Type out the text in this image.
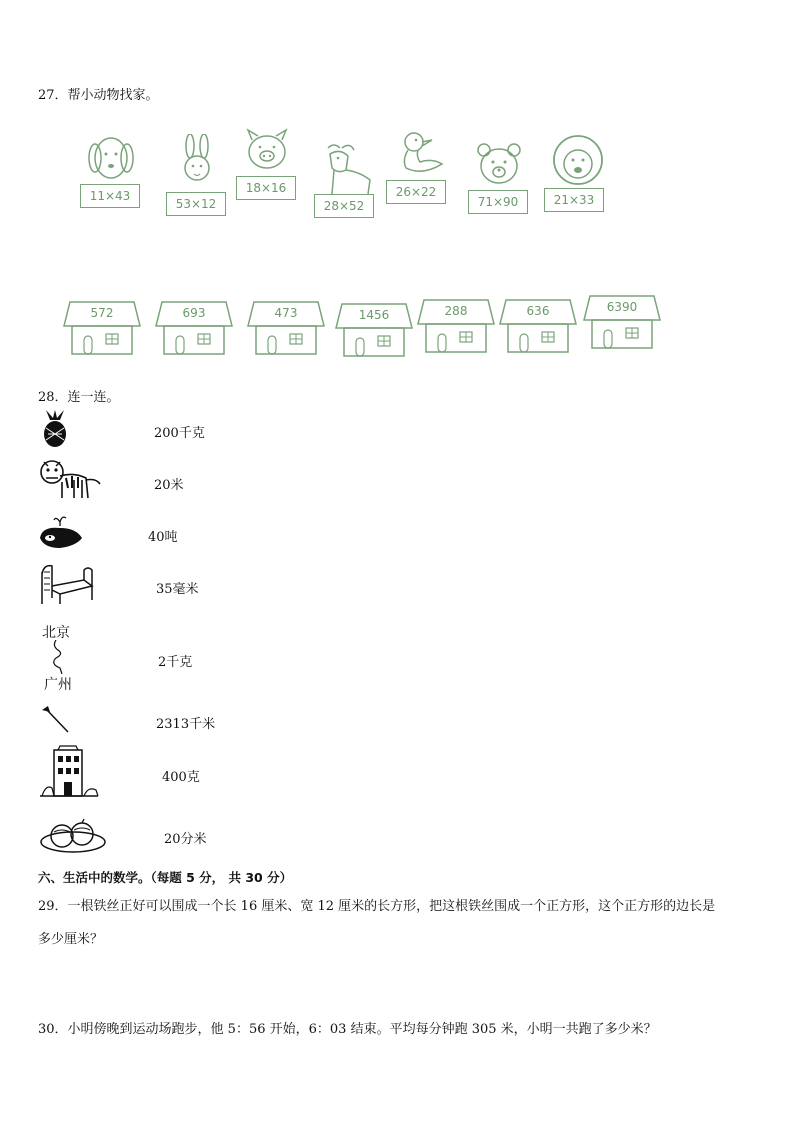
27．帮小动物找家。
11×43
53×12
18×16
28×52
26×22
71×90	21×33
572	693	473	1456	288	636	6390
28．连一连。
200千克
20米
40吨
35毫米
北京
广州
2千克
2313千米
400克
20分米
六、生活中的数学。（每题 5 分， 共 30 分）
29．一根铁丝正好可以围成一个长 16 厘米、宽 12 厘米的长方形，把这根铁丝围成一个正方形，这个正方形的边长是
多少厘米？
30．小明傍晚到运动场跑步，他 5：56 开始，6：03 结束。平均每分钟跑 305 米，小明一共跑了多少米？
